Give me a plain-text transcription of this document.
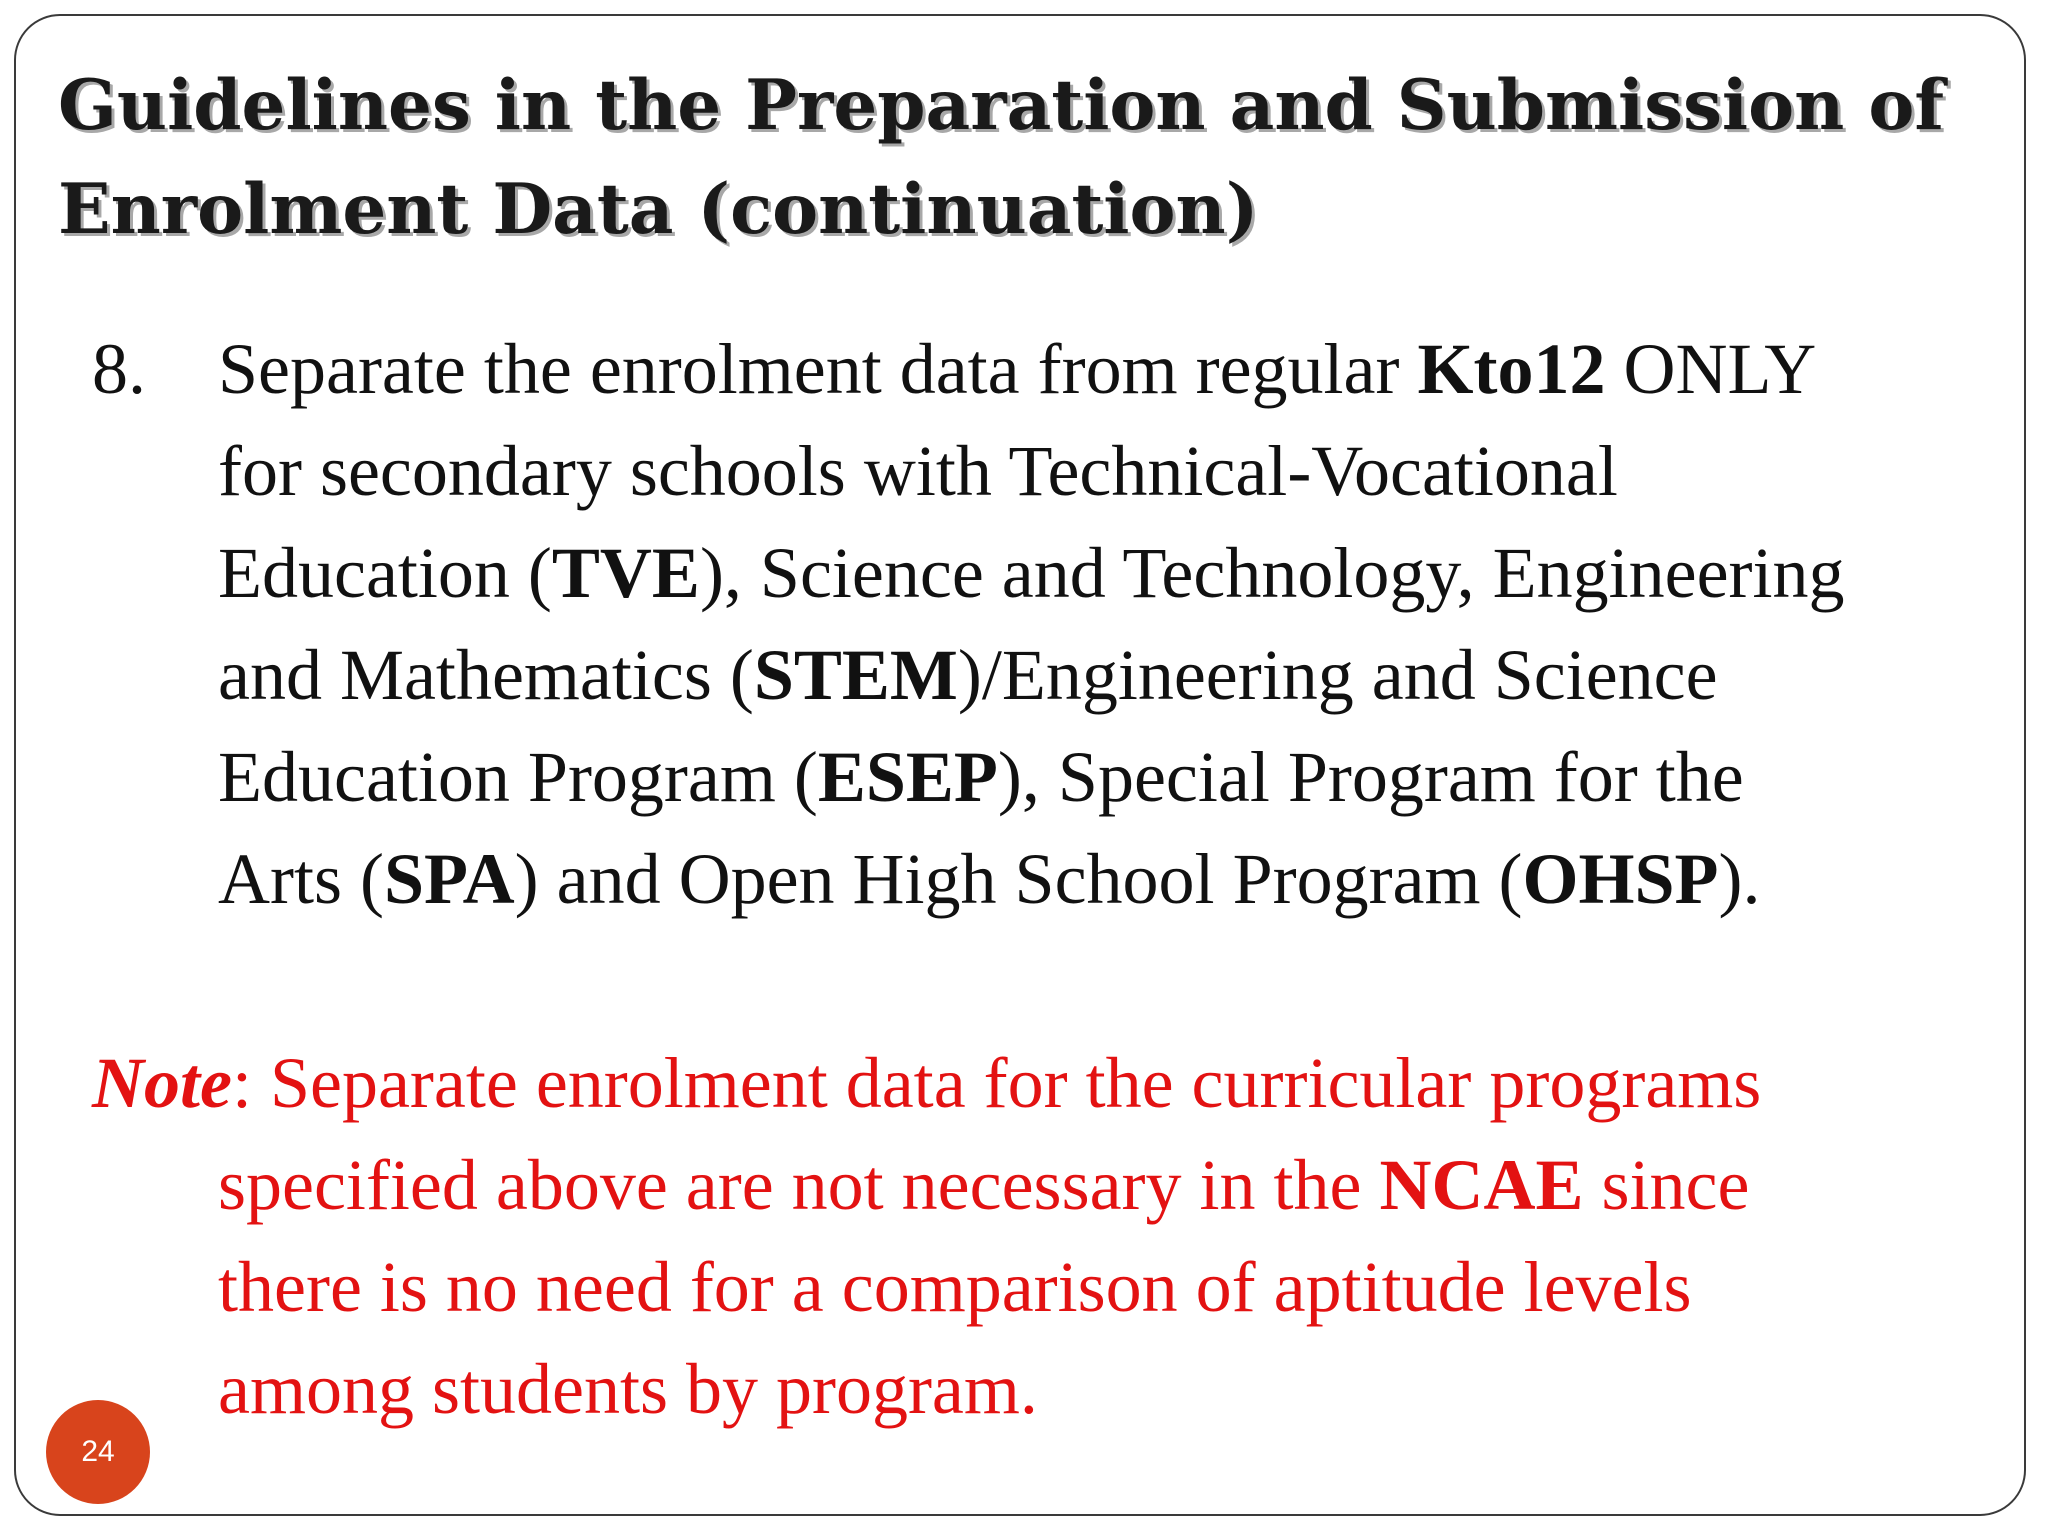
Guidelines in the Preparation and Submission of
Enrolment Data (continuation)
8. Separate the enrolment data from regular Kto12 ONLY
for secondary schools with Technical-Vocational
Education (TVE), Science and Technology, Engineering
and Mathematics (STEM)/Engineering and Science
Education Program (ESEP), Special Program for the
Arts (SPA) and Open High School Program (OHSP).
Note: Separate enrolment data for the curricular programs
specified above are not necessary in the NCAE since
there is no need for a comparison of aptitude levels
among students by program.
24
